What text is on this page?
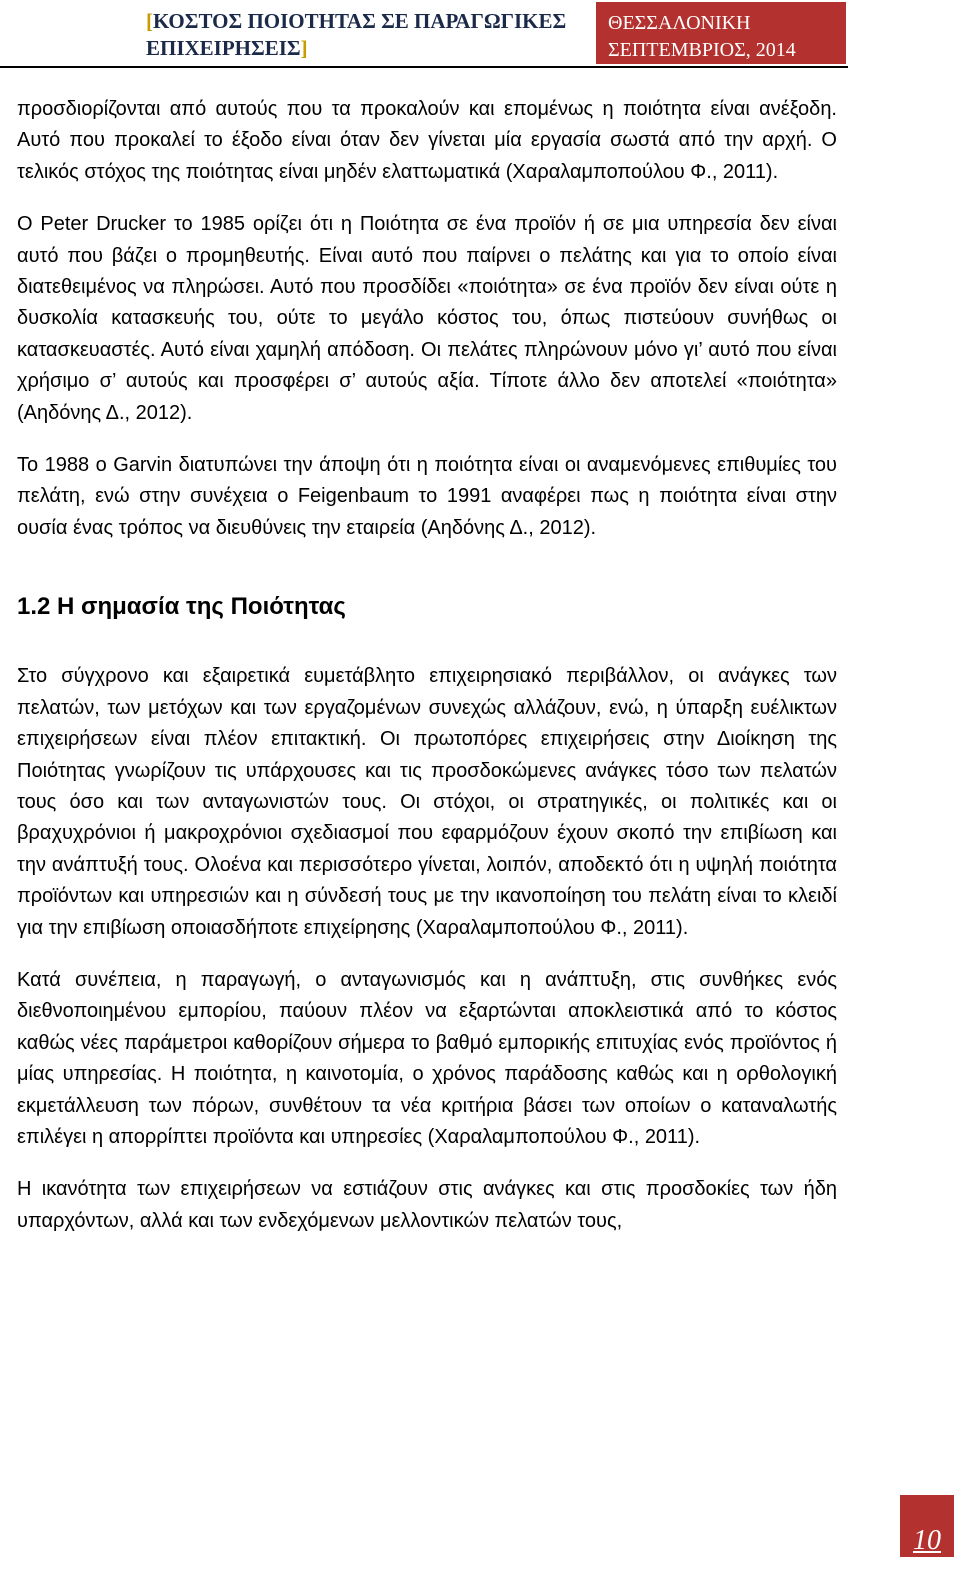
[ΚΟΣΤΟΣ ΠΟΙΟΤΗΤΑΣ ΣΕ ΠΑΡΑΓΩΓΙΚΕΣ
ΕΠΙΧΕΙΡΗΣΕΙΣ]
ΘΕΣΣΑΛΟΝΙΚΗ
ΣΕΠΤΕΜΒΡΙΟΣ, 2014

προσδιορίζονται από αυτούς που τα προκαλούν και επομένως η ποιότητα είναι ανέξοδη. Αυτό που προκαλεί το έξοδο είναι όταν δεν γίνεται μία εργασία σωστά από την αρχή. Ο τελικός στόχος της ποιότητας είναι μηδέν ελαττωματικά (Χαραλαμποπούλου Φ., 2011).

Ο Peter Drucker το 1985 ορίζει ότι η Ποιότητα σε ένα προϊόν ή σε μια υπηρεσία δεν είναι αυτό που βάζει ο προμηθευτής. Είναι αυτό που παίρνει ο πελάτης και για το οποίο είναι διατεθειμένος να πληρώσει. Αυτό που προσδίδει «ποιότητα» σε ένα προϊόν δεν είναι ούτε η δυσκολία κατασκευής του, ούτε το μεγάλο κόστος του, όπως πιστεύουν συνήθως οι κατασκευαστές. Αυτό είναι χαμηλή απόδοση. Οι πελάτες πληρώνουν μόνο γι’ αυτό που είναι χρήσιμο σ’ αυτούς και προσφέρει σ’ αυτούς αξία. Τίποτε άλλο δεν αποτελεί «ποιότητα» (Αηδόνης Δ., 2012).

Το 1988 ο Garvin διατυπώνει την άποψη ότι η ποιότητα είναι οι αναμενόμενες επιθυμίες του πελάτη, ενώ στην συνέχεια ο Feigenbaum το 1991 αναφέρει πως η ποιότητα είναι στην ουσία ένας τρόπος να διευθύνεις την εταιρεία (Αηδόνης Δ., 2012).

1.2 Η σημασία της Ποιότητας

Στο σύγχρονο και εξαιρετικά ευμετάβλητο επιχειρησιακό περιβάλλον, οι ανάγκες των πελατών, των μετόχων και των εργαζομένων συνεχώς αλλάζουν, ενώ, η ύπαρξη ευέλικτων επιχειρήσεων είναι πλέον επιτακτική. Οι πρωτοπόρες επιχειρήσεις στην Διοίκηση της Ποιότητας γνωρίζουν τις υπάρχουσες και τις προσδοκώμενες ανάγκες τόσο των πελατών τους όσο και των ανταγωνιστών τους. Οι στόχοι, οι στρατηγικές, οι πολιτικές και οι βραχυχρόνιοι ή μακροχρόνιοι σχεδιασμοί που εφαρμόζουν έχουν σκοπό την επιβίωση και την ανάπτυξή τους. Ολοένα και περισσότερο γίνεται, λοιπόν, αποδεκτό ότι η υψηλή ποιότητα προϊόντων και υπηρεσιών και η σύνδεσή τους με την ικανοποίηση του πελάτη είναι το κλειδί για την επιβίωση οποιασδήποτε επιχείρησης (Χαραλαμποπούλου Φ., 2011).

Κατά συνέπεια, η παραγωγή, ο ανταγωνισμός και η ανάπτυξη, στις συνθήκες ενός διεθνοποιημένου εμπορίου, παύουν πλέον να εξαρτώνται αποκλειστικά από το κόστος καθώς νέες παράμετροι καθορίζουν σήμερα το βαθμό εμπορικής επιτυχίας ενός προϊόντος ή μίας υπηρεσίας. Η ποιότητα, η καινοτομία, ο χρόνος παράδοσης καθώς και η ορθολογική εκμετάλλευση των πόρων, συνθέτουν τα νέα κριτήρια βάσει των οποίων ο καταναλωτής επιλέγει η απορρίπτει προϊόντα και υπηρεσίες (Χαραλαμποπούλου Φ., 2011).

Η ικανότητα των επιχειρήσεων να εστιάζουν στις ανάγκες και στις προσδοκίες των ήδη υπαρχόντων, αλλά και των ενδεχόμενων μελλοντικών πελατών τους,

10
